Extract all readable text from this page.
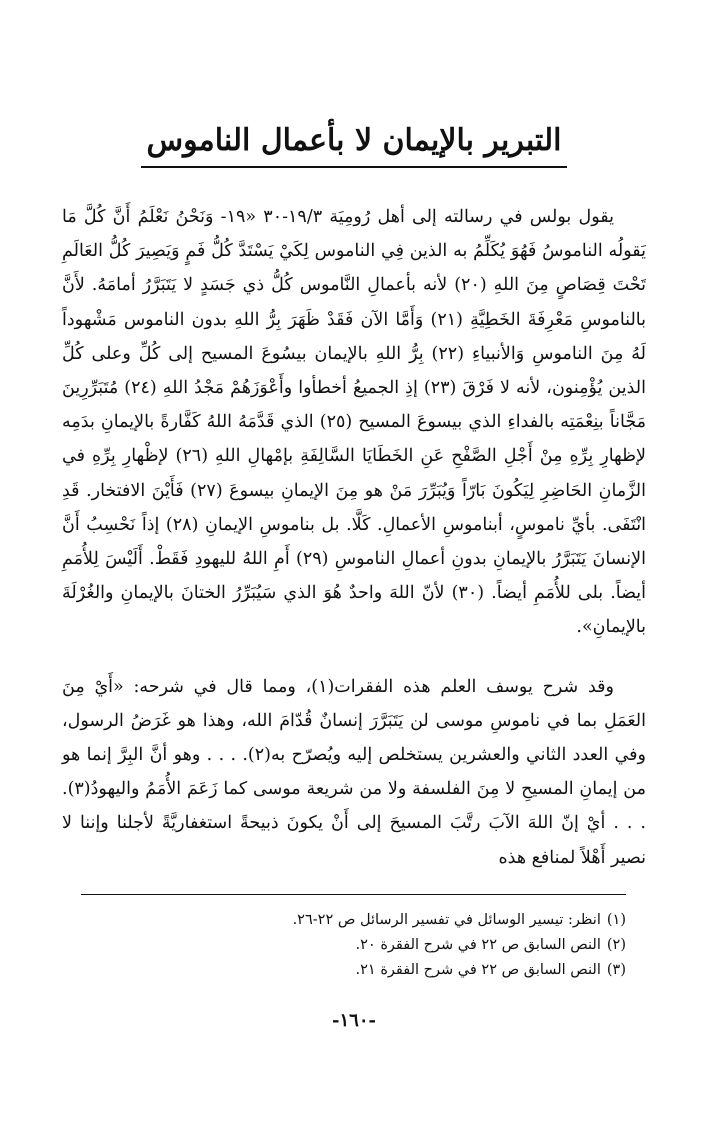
التبرير بالإيمان لا بأعمال الناموس

يقول بولس في رسالته إلى أهل رُومِيَة ١٩/٣-٣٠ «١٩- وَنَحْنُ نَعْلَمُ أَنَّ كُلَّ مَا يَقولُه الناموسُ فَهُوَ يُكَلِّمُ به الذين فِي الناموس لِكَيْ يَسْتَدَّ كُلُّ فَمٍ وَيَصِيرَ كُلُّ العَالَمِ تَحْتَ قِصَاصٍ مِنَ اللهِ (٢٠) لأنه بأعمالِ النَّاموس كُلُّ ذي جَسَدٍ لا يَتَبَرَّرُ أمامَهُ. لأَنَّ بالناموسِ مَعْرِفَةَ الخَطِيَّةِ (٢١) وَأَمَّا الآن فَقَدْ ظَهَرَ بِرُّ اللهِ بدون الناموس مَشْهوداً لَهُ مِنَ الناموسِ وَالأنبياءِ (٢٢) بِرُّ اللهِ بالإيمان بيسُوعَ المسيح إلى كُلِّ وعلى كُلِّ الذين يُؤْمِنون، لأنه لا فَرْقَ (٢٣) إذِ الجميعُ أخطأوا وأَعْوَزَهُمْ مَجْدُ اللهِ (٢٤) مُتَبَرِّرِينَ مَجَّاناً بنِعْمَتِه بالفداءِ الذي بيسوعَ المسيح (٢٥) الذي قَدَّمَهُ اللهُ كَفَّارةً بالإيمانِ بدَمِه لإظهارِ بِرِّهِ مِنْ أَجْلِ الصَّفْحِ عَنِ الخَطَايَا السَّالِفَةِ بإمْهالِ اللهِ (٢٦) لإظْهارِ بِرِّهِ في الزَّمانِ الحَاضِرِ لِيَكُونَ بَارّاً وَيُبَرِّرَ مَنْ هو مِنَ الإيمانِ بيسوعَ (٢٧) فَأَيْنَ الافتخار. قَدِ انْتَفَى. بأيِّ ناموسٍ، أبناموسِ الأعمالِ. كَلَّا. بل بناموسِ الإيمانِ (٢٨) إذاً نَحْسِبُ أَنَّ الإنسانَ يَتَبَرَّرُ بالإيمانِ بدونِ أعمالِ الناموسِ (٢٩) أَمِ اللهُ لليهودِ فَقَطْ. أَلَيْسَ لِلأُمَمِ أيضاً. بلى للأُمَمِ أيضاً. (٣٠) لأنّ اللهَ واحدٌ هُوَ الذي سَيُبَرِّرُ الختانَ بالإيمانِ والغُرْلَةَ بالإيمانِ».

وقد شرح يوسف العلم هذه الفقرات(١)، ومما قال في شرحه: «أَيْ مِنَ العَمَلِ بما في ناموسِ موسى لن يَتَبَرَّرَ إنسانٌ قُدّامَ الله، وهذا هو غَرَضُ الرسول، وفي العدد الثاني والعشرين يستخلص إليه ويُصرّح به(٢). . . . وهو أنَّ البِرَّ إنما هو من إيمانِ المسيحِ لا مِنَ الفلسفة ولا من شريعة موسى كما زَعَمَ الأُمَمُ واليهودُ(٣). . . . أيْ إنّ اللهَ الآبَ رتَّبَ المسيحَ إلى أَنْ يكونَ ذبيحةً استغفاريَّةً لأجلنا وإننا لا نصير أَهْلاً لمنافع هذه

(١)انظر: تيسير الوسائل في تفسير الرسائل ص ٢٢-٢٦.
(٢)النص السابق ص ٢٢ في شرح الفقرة ٢٠.
(٣)النص السابق ص ٢٢ في شرح الفقرة ٢١.
-١٦٠-
